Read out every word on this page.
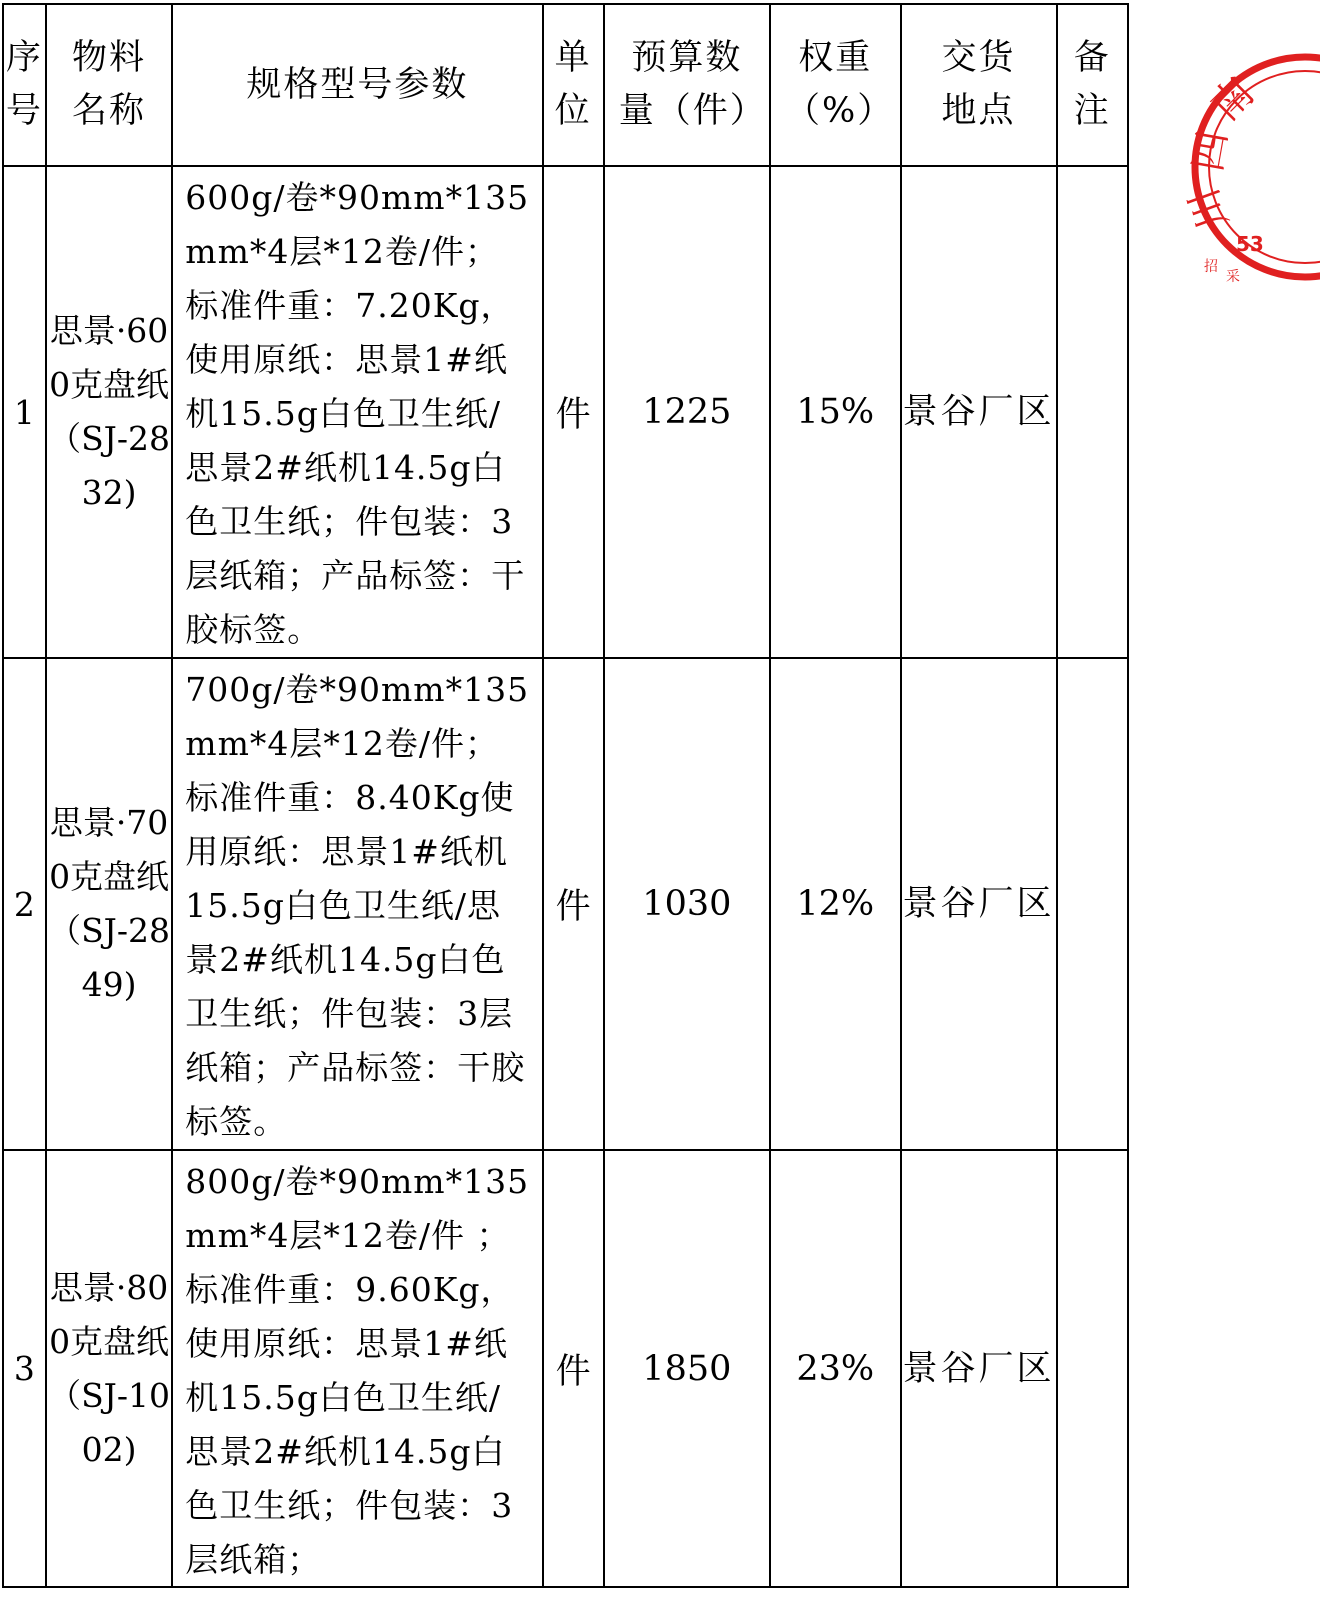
序号	物料名称	规格型号参数	单位	预算数量（件）	权重（%）	交货地点	备注
1	思景·600克盘纸（SJ-2832)	600g/卷*90mm*135mm*4层*12卷/件；标准件重：7.20Kg，使用原纸：思景1#纸机15.5g白色卫生纸/思景2#纸机14.5g白色卫生纸；件包装：3层纸箱；产品标签：干胶标签。	件	1225	15%	景谷厂区	
2	思景·700克盘纸（SJ-2849)	700g/卷*90mm*135mm*4层*12卷/件；标准件重：8.40Kg使用原纸：思景1#纸机15.5g白色卫生纸/思景2#纸机14.5g白色卫生纸；件包装：3层纸箱；产品标签：干胶标签。	件	1030	12%	景谷厂区	
3	思景·800克盘纸（SJ-1002)	800g/卷*90mm*135mm*4层*12卷/件 ；标准件重：9.60Kg，使用原纸：思景1#纸机15.5g白色卫生纸/思景2#纸机14.5g白色卫生纸；件包装：3层纸箱；	件	1850	23%	景谷厂区	
南
四
川
53
招
采
